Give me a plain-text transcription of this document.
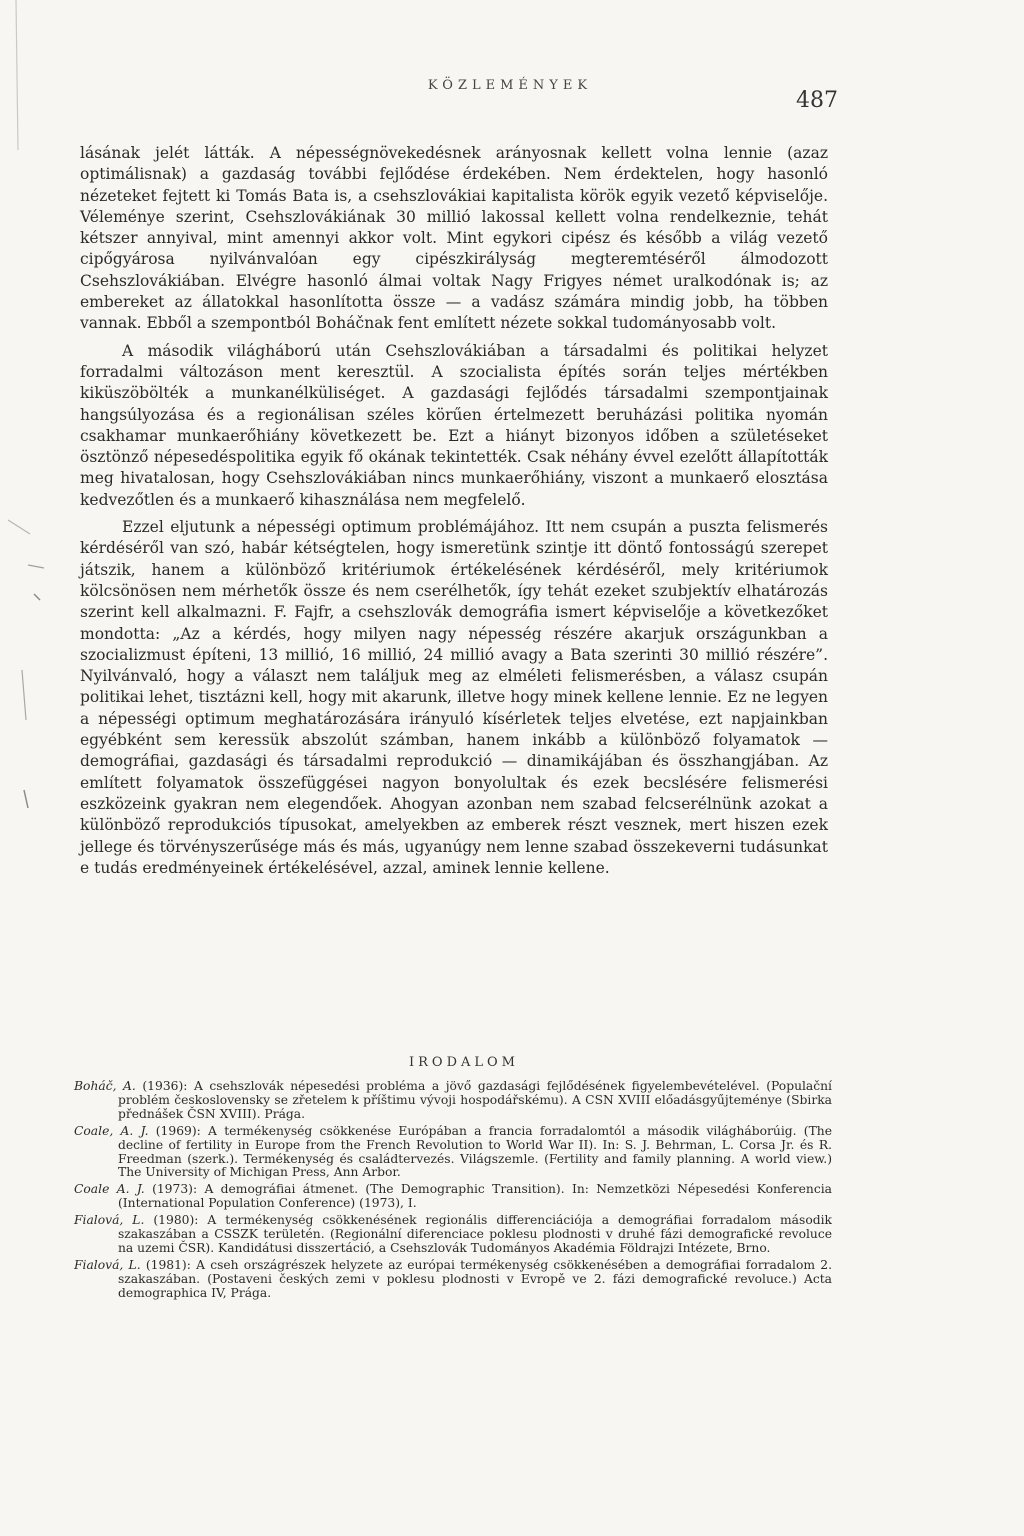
KÖZLEMÉNYEK
487

lásának jelét látták. A népességnövekedésnek arányosnak kellett volna lennie (azaz optimálisnak) a gazdaság további fejlődése érdekében. Nem érdektelen, hogy hasonló nézeteket fejtett ki Tomás Bata is, a csehszlovákiai kapitalista körök egyik vezető képviselője. Véleménye szerint, Csehszlovákiának 30 millió lakossal kellett volna rendelkeznie, tehát kétszer annyival, mint amennyi akkor volt. Mint egykori cipész és később a világ vezető cipőgyárosa nyilvánvalóan egy cipészkirályság megteremtéséről álmodozott Csehszlovákiában. Elvégre hasonló álmai voltak Nagy Frigyes német uralkodónak is; az embereket az állatokkal hasonlította össze — a vadász számára mindig jobb, ha többen vannak. Ebből a szempontból Boháčnak fent említett nézete sokkal tudományosabb volt.

A második világháború után Csehszlovákiában a társadalmi és politikai helyzet forradalmi változáson ment keresztül. A szocialista építés során teljes mértékben kiküszöbölték a munkanélküliséget. A gazdasági fejlődés társadalmi szempontjainak hangsúlyozása és a regionálisan széles körűen értelmezett beruházási politika nyomán csakhamar munkaerőhiány következett be. Ezt a hiányt bizonyos időben a születéseket ösztönző népesedéspolitika egyik fő okának tekintették. Csak néhány évvel ezelőtt állapították meg hivatalosan, hogy Csehszlovákiában nincs munkaerőhiány, viszont a munkaerő elosztása kedvezőtlen és a munkaerő kihasználása nem megfelelő.

Ezzel eljutunk a népességi optimum problémájához. Itt nem csupán a puszta felismerés kérdéséről van szó, habár kétségtelen, hogy ismeretünk szintje itt döntő fontosságú szerepet játszik, hanem a különböző kritériumok értékelésének kérdéséről, mely kritériumok kölcsönösen nem mérhetők össze és nem cserélhetők, így tehát ezeket szubjektív elhatározás szerint kell alkalmazni. F. Fajfr, a csehszlovák demográfia ismert képviselője a következőket mondotta: „Az a kérdés, hogy milyen nagy népesség részére akarjuk országunkban a szocializmust építeni, 13 millió, 16 millió, 24 millió avagy a Bata szerinti 30 millió részére”. Nyilvánvaló, hogy a választ nem találjuk meg az elméleti felismerésben, a válasz csupán politikai lehet, tisztázni kell, hogy mit akarunk, illetve hogy minek kellene lennie. Ez ne legyen a népességi optimum meghatározására irányuló kísérletek teljes elvetése, ezt napjainkban egyébként sem keressük abszolút számban, hanem inkább a különböző folyamatok — demográfiai, gazdasági és társadalmi reprodukció — dinamikájában és összhangjában. Az említett folyamatok összefüggései nagyon bonyolultak és ezek becslésére felismerési eszközeink gyakran nem elegendőek. Ahogyan azonban nem szabad felcserélnünk azokat a különböző reprodukciós típusokat, amelyekben az emberek részt vesznek, mert hiszen ezek jellege és törvényszerűsége más és más, ugyanúgy nem lenne szabad összekeverni tudásunkat e tudás eredményeinek értékelésével, azzal, aminek lennie kellene.

IRODALOM
Boháč, A. (1936): A csehszlovák népesedési probléma a jövő gazdasági fejlődésének figyelembevételével. (Populační problém československy se zřetelem k příštimu vývoji hospodářskému). A CSN XVIII előadásgyűjteménye (Sbirka přednášek ČSN XVIII). Prága.
Coale, A. J. (1969): A termékenység csökkenése Európában a francia forradalomtól a második világháborúig. (The decline of fertility in Europe from the French Revolution to World War II). In: S. J. Behrman, L. Corsa Jr. és R. Freedman (szerk.). Termékenység és családtervezés. Világszemle. (Fertility and family planning. A world view.) The University of Michigan Press, Ann Arbor.
Coale A. J. (1973): A demográfiai átmenet. (The Demographic Transition). In: Nemzetközi Népesedési Konferencia (International Population Conference) (1973), I.
Fialová, L. (1980): A termékenység csökkenésének regionális differenciációja a demográfiai forradalom második szakaszában a CSSZK területén. (Regionální diferenciace poklesu plodnosti v druhé fázi demografické revoluce na uzemi ČSR). Kandidátusi disszertáció, a Csehszlovák Tudományos Akadémia Földrajzi Intézete, Brno.
Fialová, L. (1981): A cseh országrészek helyzete az európai termékenység csökkenésében a demográfiai forradalom 2. szakaszában. (Postaveni českých zemi v poklesu plodnosti v Evropě ve 2. fázi demografické revoluce.) Acta demographica IV, Prága.
